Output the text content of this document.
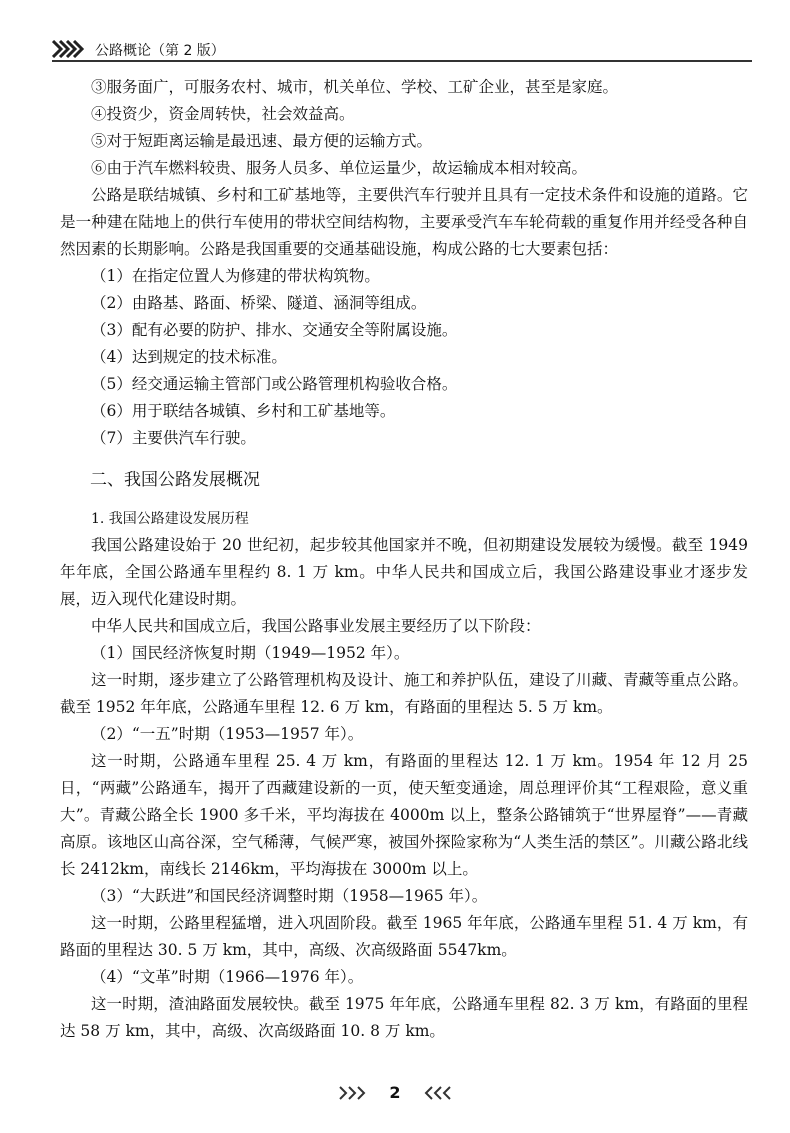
公路概论（第 2 版）

③服务面广，可服务农村、城市，机关单位、学校、工矿企业，甚至是家庭。

④投资少，资金周转快，社会效益高。

⑤对于短距离运输是最迅速、最方便的运输方式。

⑥由于汽车燃料较贵、服务人员多、单位运量少，故运输成本相对较高。

公路是联结城镇、乡村和工矿基地等，主要供汽车行驶并且具有一定技术条件和设施的道路。它是一种建在陆地上的供行车使用的带状空间结构物，主要承受汽车车轮荷载的重复作用并经受各种自然因素的长期影响。公路是我国重要的交通基础设施，构成公路的七大要素包括：

（1）在指定位置人为修建的带状构筑物。

（2）由路基、路面、桥梁、隧道、涵洞等组成。

（3）配有必要的防护、排水、交通安全等附属设施。

（4）达到规定的技术标准。

（5）经交通运输主管部门或公路管理机构验收合格。

（6）用于联结各城镇、乡村和工矿基地等。

（7）主要供汽车行驶。

二、我国公路发展概况

1. 我国公路建设发展历程

我国公路建设始于 20 世纪初，起步较其他国家并不晚，但初期建设发展较为缓慢。截至 1949 年年底，全国公路通车里程约 8. 1 万 km。中华人民共和国成立后，我国公路建设事业才逐步发展，迈入现代化建设时期。

中华人民共和国成立后，我国公路事业发展主要经历了以下阶段：

（1）国民经济恢复时期（1949—1952 年）。

这一时期，逐步建立了公路管理机构及设计、施工和养护队伍，建设了川藏、青藏等重点公路。截至 1952 年年底，公路通车里程 12. 6 万 km，有路面的里程达 5. 5 万 km。

（2）“一五”时期（1953—1957 年）。

这一时期，公路通车里程 25. 4 万 km，有路面的里程达 12. 1 万 km。1954 年 12 月 25 日，“两藏”公路通车，揭开了西藏建设新的一页，使天堑变通途，周总理评价其“工程艰险，意义重大”。青藏公路全长 1900 多千米，平均海拔在 4000m 以上，整条公路铺筑于“世界屋脊”——青藏高原。该地区山高谷深，空气稀薄，气候严寒，被国外探险家称为“人类生活的禁区”。川藏公路北线长 2412km，南线长 2146km，平均海拔在 3000m 以上。

（3）“大跃进”和国民经济调整时期（1958—1965 年）。

这一时期，公路里程猛增，进入巩固阶段。截至 1965 年年底，公路通车里程 51. 4 万 km，有路面的里程达 30. 5 万 km，其中，高级、次高级路面 5547km。

（4）“文革”时期（1966—1976 年）。

这一时期，渣油路面发展较快。截至 1975 年年底，公路通车里程 82. 3 万 km，有路面的里程达 58 万 km，其中，高级、次高级路面 10. 8 万 km。

2
